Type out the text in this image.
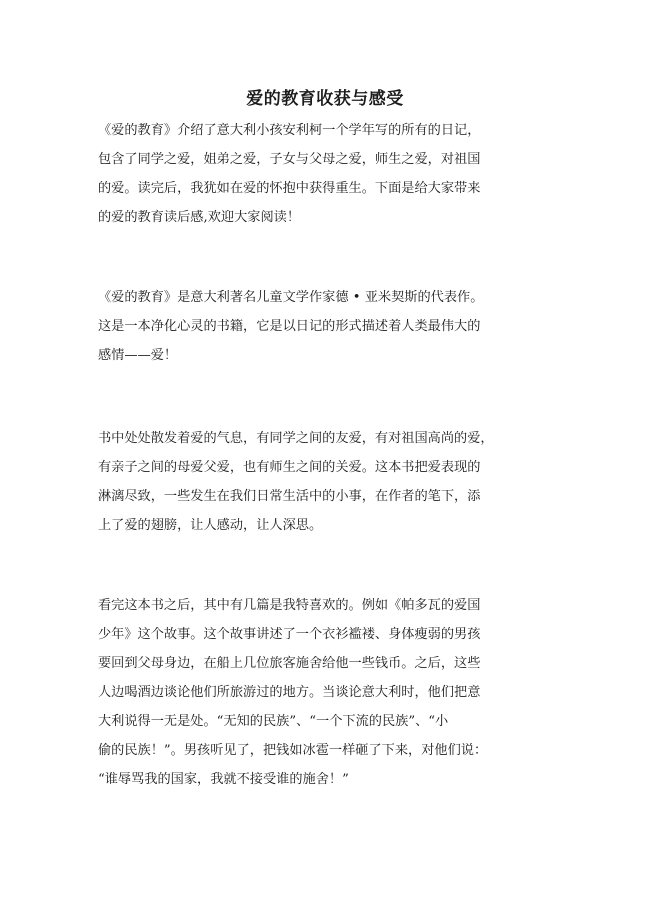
爱的教育收获与感受
《爱的教育》介绍了意大利小孩安利柯一个学年写的所有的日记，
包含了同学之爱，姐弟之爱，子女与父母之爱，师生之爱，对祖国
的爱。读完后，我犹如在爱的怀抱中获得重生。下面是给大家带来
的爱的教育读后感,欢迎大家阅读！
《爱的教育》是意大利著名儿童文学作家德 • 亚米契斯的代表作。
这是一本净化心灵的书籍，它是以日记的形式描述着人类最伟大的
感情——爱！
书中处处散发着爱的气息，有同学之间的友爱，有对祖国高尚的爱，
有亲子之间的母爱父爱，也有师生之间的关爱。这本书把爱表现的
淋漓尽致，一些发生在我们日常生活中的小事，在作者的笔下，添
上了爱的翅膀，让人感动，让人深思。
看完这本书之后，其中有几篇是我特喜欢的。例如《帕多瓦的爱国
少年》这个故事。这个故事讲述了一个衣衫褴褛、身体瘦弱的男孩
要回到父母身边，在船上几位旅客施舍给他一些钱币。之后，这些
人边喝酒边谈论他们所旅游过的地方。当谈论意大利时，他们把意
大利说得一无是处。“无知的民族”、“一个下流的民族”、“小
偷的民族！”。男孩听见了，把钱如冰雹一样砸了下来，对他们说：
“谁辱骂我的国家，我就不接受谁的施舍！”
